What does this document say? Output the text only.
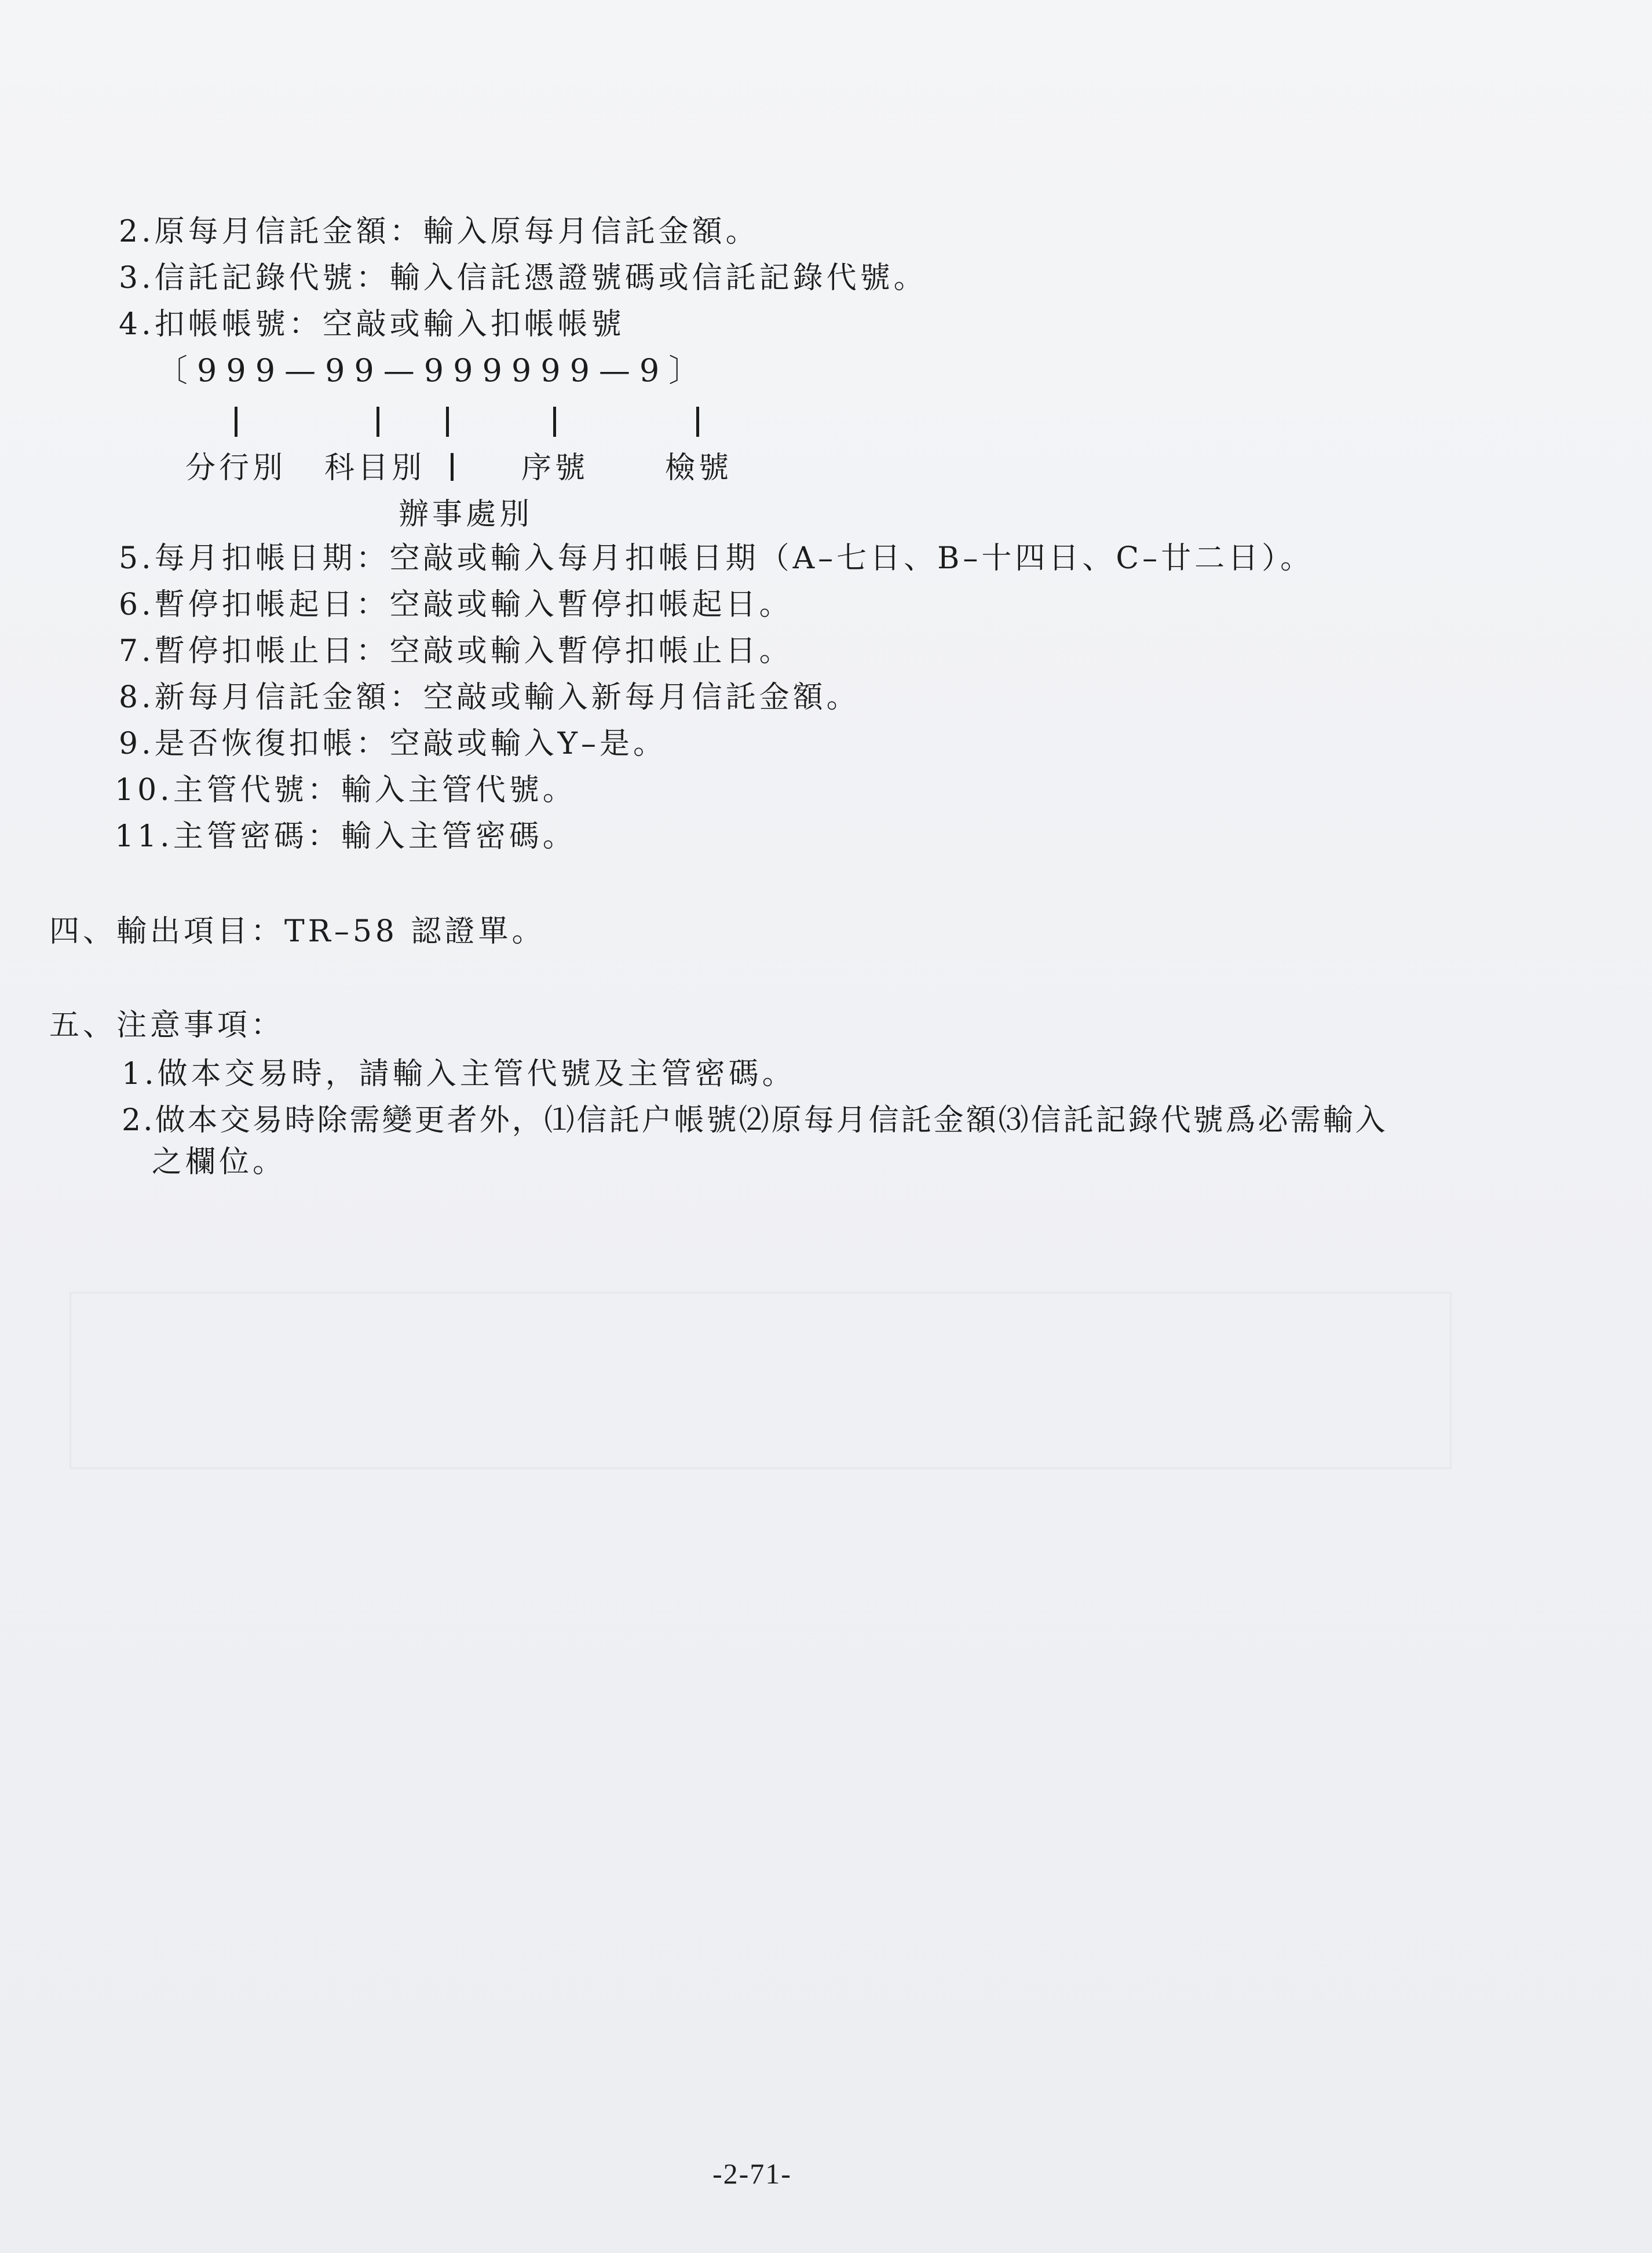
2.原每月信託金額：輸入原每月信託金額。
3.信託記錄代號：輸入信託憑證號碼或信託記錄代號。
4.扣帳帳號：空敲或輸入扣帳帳號
〔999—99—999999—9〕
分行別 科目別	序號	檢號
辦事處別
5.每月扣帳日期：空敲或輸入每月扣帳日期（A–七日、B–十四日、C–廿二日）。
6.暫停扣帳起日：空敲或輸入暫停扣帳起日。
7.暫停扣帳止日：空敲或輸入暫停扣帳止日。
8.新每月信託金額：空敲或輸入新每月信託金額。
9.是否恢復扣帳：空敲或輸入Y–是。
10.主管代號：輸入主管代號。
11.主管密碼：輸入主管密碼。
四、輸出項目：TR–58 認證單。
五、注意事項：
1.做本交易時，請輸入主管代號及主管密碼。
2.做本交易時除需變更者外，⑴信託户帳號⑵原每月信託金額⑶信託記錄代號爲必需輸入
之欄位。
-2-71-
